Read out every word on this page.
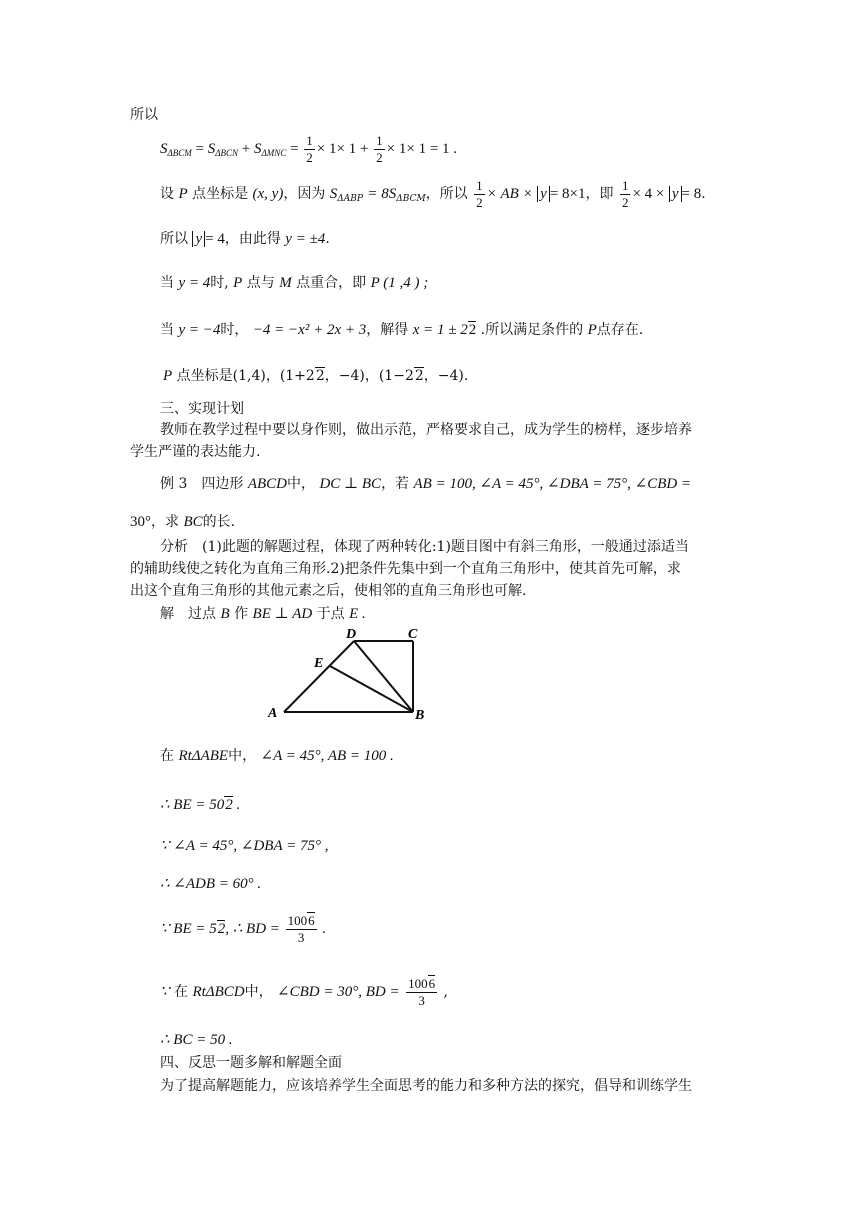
所以
$S_{\Delta BCM} = S_{\Delta BCN} + S_{\Delta MNC} = \frac{1}{2} \times 1\times 1 + \frac{1}{2} \times 1\times 1 = 1$ .
设 P 点坐标是 (x, y)，因为 $S_{\Delta ABP} = 8S_{\Delta BCM}$，所以 $\frac{1}{2}$ × AB × y = 8×1，即 $\frac{1}{2} \times 4 \times y = 8$.
所以 y = 4，由此得 y = ±4.
当 y = 4时, P 点与 M 点重合，即 P (1 ,4 ) ;
当 y = −4时， −4 = −x² + 2x + 3，解得 x = 1 ± 22 .所以满足条件的 P点存在.
P 点坐标是(1,4)，(1+22，−4)，(1−22，−4).
三、实现计划
教师在教学过程中要以身作则，做出示范，严格要求自己，成为学生的榜样，逐步培养
学生严谨的表达能力.
例 3　四边形 ABCD中， DC ⊥ BC，若 AB = 100, ∠A = 45°, ∠DBA = 75°, ∠CBD =
30°，求 BC的长.
分析　(1)此题的解题过程，体现了两种转化:1)题目图中有斜三角形，一般通过添适当
的辅助线使之转化为直角三角形.2)把条件先集中到一个直角三角形中，使其首先可解，求
出这个直角三角形的其他元素之后，使相邻的直角三角形也可解.
解　过点 B 作 BE ⊥ AD 于点 E .
A	B
C
D
E
在 RtΔABE中， ∠A = 45°, AB = 100 .
∴ BE = 502 .
∵ ∠A = 45°, ∠DBA = 75° ,
∴ ∠ADB = 60° .
∵ BE = 52, ∴ BD = $\frac{1006}{3}$ .
∵ 在 RtΔBCD中， ∠CBD = 30°, BD = $\frac{1006}{3}$ ,
∴ BC = 50 .
四、反思一题多解和解题全面
为了提高解题能力，应该培养学生全面思考的能力和多种方法的探究，倡导和训练学生
